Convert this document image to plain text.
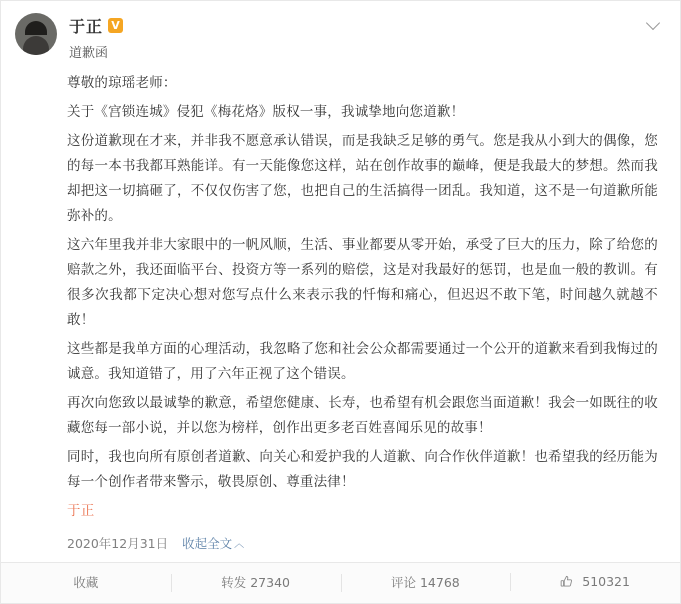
于正 V
道歉函

尊敬的琼瑶老师：

关于《宫锁连城》侵犯《梅花烙》版权一事，我诚挚地向您道歉！

这份道歉现在才来，并非我不愿意承认错误，而是我缺乏足够的勇气。您是我从小到大的偶像，您的每一本书我都耳熟能详。有一天能像您这样，站在创作故事的巅峰，便是我最大的梦想。然而我却把这一切搞砸了，不仅仅伤害了您，也把自己的生活搞得一团乱。我知道，这不是一句道歉所能弥补的。

这六年里我并非大家眼中的一帆风顺，生活、事业都要从零开始，承受了巨大的压力，除了给您的赔款之外，我还面临平台、投资方等一系列的赔偿，这是对我最好的惩罚，也是血一般的教训。有很多次我都下定决心想对您写点什么来表示我的忏悔和痛心，但迟迟不敢下笔，时间越久就越不敢！

这些都是我单方面的心理活动，我忽略了您和社会公众都需要通过一个公开的道歉来看到我悔过的诚意。我知道错了，用了六年正视了这个错误。

再次向您致以最诚挚的歉意，希望您健康、长寿，也希望有机会跟您当面道歉！我会一如既往的收藏您每一部小说，并以您为榜样，创作出更多老百姓喜闻乐见的故事！

同时，我也向所有原创者道歉、向关心和爱护我的人道歉、向合作伙伴道歉！也希望我的经历能为每一个创作者带来警示，敬畏原创、尊重法律！

于正

2020年12月31日 收起全文 ︿
收藏	转发 27340	评论 14768	510321
